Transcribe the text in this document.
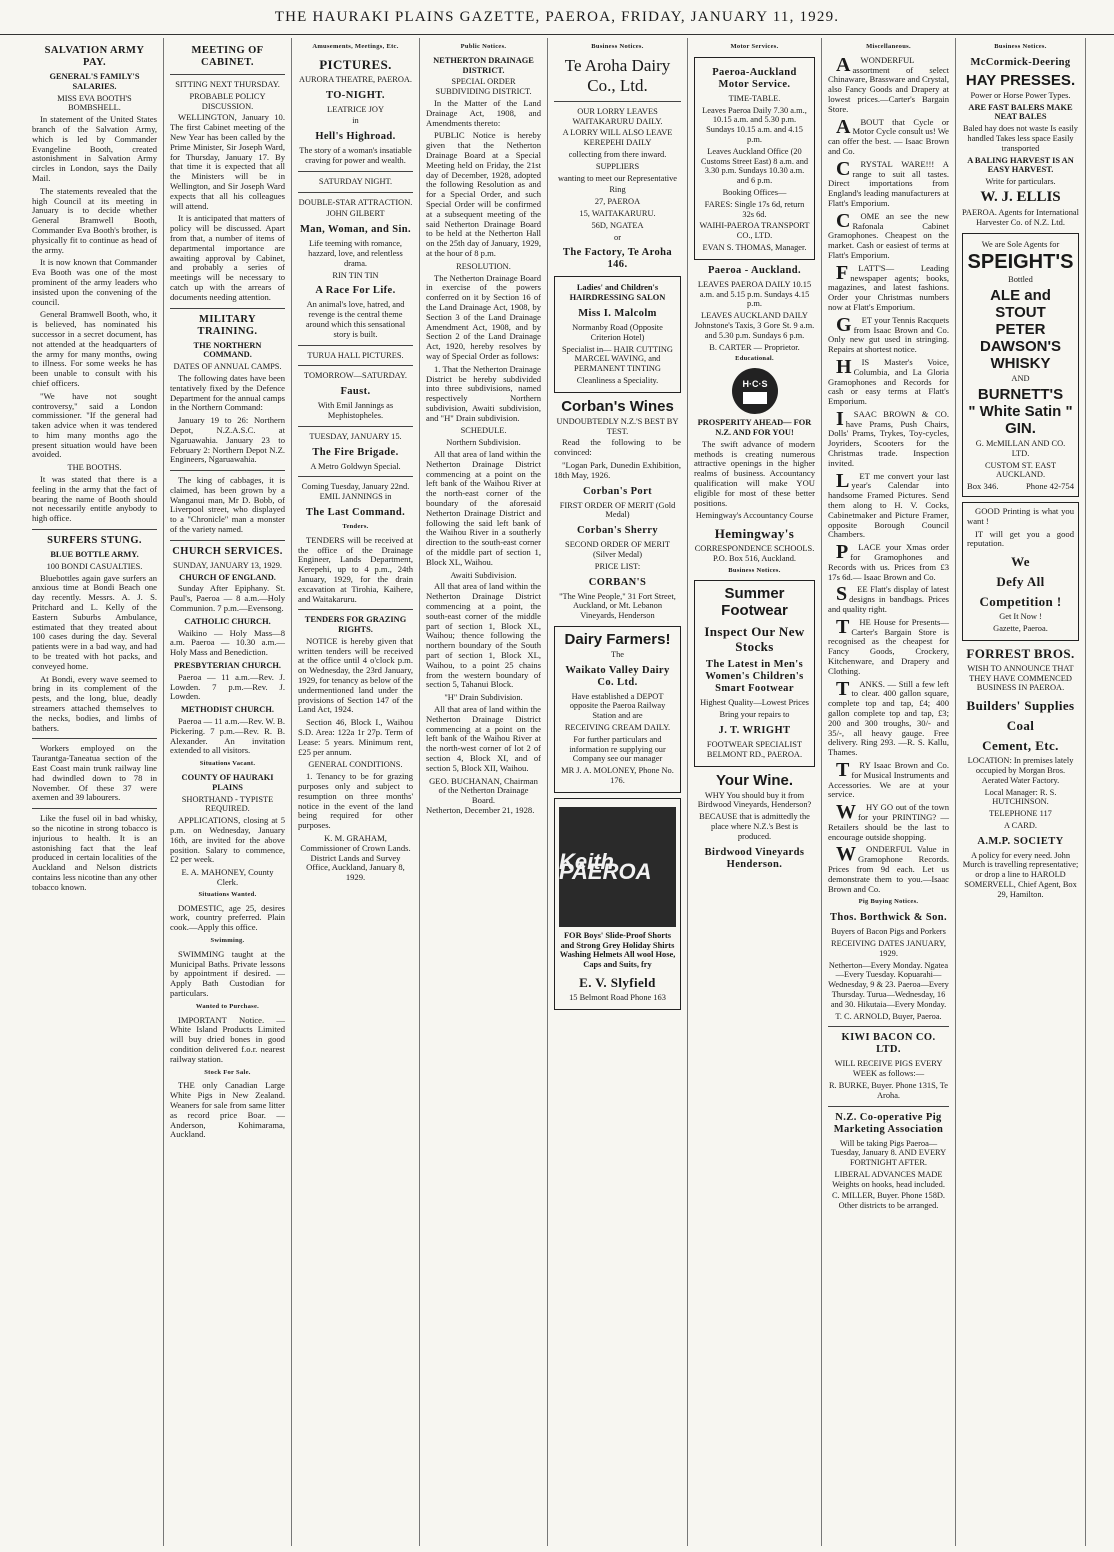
THE HAURAKI PLAINS GAZETTE, PAEROA, FRIDAY, JANUARY 11, 1929.
SALVATION ARMY PAY.
GENERAL'S FAMILY'S SALARIES.
MISS EVA BOOTH'S BOMBSHELL.

In statement of the United States branch of the Salvation Army, which is led by Commander Evangeline Booth, created astonishment in Salvation Army circles in London, says the Daily Mail.

The statements revealed that the high Council at its meeting in January is to decide whether General Bramwell Booth, Commander Eva Booth's brother, is physically fit to continue as head of the army.

It is now known that Commander Eva Booth was one of the most prominent of the army leaders who insisted upon the convening of the council.

General Bramwell Booth, who, it is believed, has nominated his successor in a secret document, has not attended at the headquarters of the army for many months, owing to illness. For some weeks he has been unable to consult with his chief officers.

"We have not sought controversy," said a London commissioner. "If the general had taken advice when it was tendered to him many months ago the present situation would have been avoided.

THE BOOTHS.

It was stated that there is a feeling in the army that the fact of bearing the name of Booth should not necessarily entitle anybody to high office.

SURFERS STUNG.
BLUE BOTTLE ARMY.
100 BONDI CASUALTIES.

Bluebottles again gave surfers an anxious time at Bondi Beach one day recently. Messrs. A. J. S. Pritchard and L. Kelly of the Eastern Suburbs Ambulance, estimated that they treated about 100 cases during the day. Several patients were in a bad way, and had to be treated with hot packs, and conveyed home.

At Bondi, every wave seemed to bring in its complement of the pests, and the long, blue, deadly streamers attached themselves to the necks, bodies, and limbs of bathers.

Workers employed on the Taurantga-Taneatua section of the East Coast main trunk railway line had dwindled down to 78 in November. Of these 37 were axemen and 39 labourers.

Like the fusel oil in bad whisky, so the nicotine in strong tobacco is injurious to health. It is an astonishing fact that the leaf produced in certain localities of the Auckland and Nelson districts contains less nicotine than any other tobacco known.

MEETING OF CABINET.
SITTING NEXT THURSDAY.
PROBABLE POLICY DISCUSSION.

WELLINGTON, January 10. The first Cabinet meeting of the New Year has been called by the Prime Minister, Sir Joseph Ward, for Thursday, January 17. By that time it is expected that all the Ministers will be in Wellington, and Sir Joseph Ward expects that all his colleagues will attend.

It is anticipated that matters of policy will be discussed. Apart from that, a number of items of departmental importance are awaiting approval by Cabinet, and probably a series of meetings will be necessary to catch up with the arrears of documents needing attention.

MILITARY TRAINING.
THE NORTHERN COMMAND.
DATES OF ANNUAL CAMPS.

The following dates have been tentatively fixed by the Defence Department for the annual camps in the Northern Command:

January 19 to 26: Northern Depot, N.Z.A.S.C. at Ngaruawahia. January 23 to February 2: Northern Depot N.Z. Engineers, Ngaruawahia.

The king of cabbages, it is claimed, has been grown by a Wanganui man, Mr D. Bobb, of Liverpool street, who displayed to a "Chronicle" man a monster of the variety named.

CHURCH SERVICES.
SUNDAY, JANUARY 13, 1929.
CHURCH OF ENGLAND.

Sunday After Epiphany. St. Paul's, Paeroa — 8 a.m.—Holy Communion. 7 p.m.—Evensong.

CATHOLIC CHURCH.

Waikino — Holy Mass—8 a.m. Paeroa — 10.30 a.m.—Holy Mass and Benediction.

PRESBYTERIAN CHURCH.

Paeroa — 11 a.m.—Rev. J. Lowden. 7 p.m.—Rev. J. Lowden.

METHODIST CHURCH.

Paeroa — 11 a.m.—Rev. W. B. Pickering. 7 p.m.—Rev. R. B. Alexander. An invitation extended to all visitors.

Situations Vacant.
COUNTY OF HAURAKI PLAINS
SHORTHAND - TYPISTE REQUIRED.

APPLICATIONS, closing at 5 p.m. on Wednesday, January 16th, are invited for the above position. Salary to commence, £2 per week.

E. A. MAHONEY, County Clerk.
Situations Wanted.

DOMESTIC, age 25, desires work, country preferred. Plain cook.—Apply this office.

Swimming.

SWIMMING taught at the Municipal Baths. Private lessons by appointment if desired. —Apply Bath Custodian for particulars.

Wanted to Purchase.

IMPORTANT Notice. — White Island Products Limited will buy dried bones in good condition delivered f.o.r. nearest railway station.

Stock For Sale.

THE only Canadian Large White Pigs in New Zealand. Weaners for sale from same litter as record price Boar. — Anderson, Kohimarama, Auckland.

Amusements, Meetings, Etc.
PICTURES.
AURORA THEATRE, PAEROA.
TO-NIGHT.
LEATRICE JOY
in
Hell's Highroad.
The story of a woman's insatiable craving for power and wealth.
SATURDAY NIGHT.
DOUBLE-STAR ATTRACTION.
JOHN GILBERT
Man, Woman, and Sin.
Life teeming with romance, hazzard, love, and relentless drama.
RIN TIN TIN
A Race For Life.
An animal's love, hatred, and revenge is the central theme around which this sensational story is built.
TURUA HALL PICTURES.
TOMORROW—SATURDAY.
Faust.
With Emil Jannings as Mephistopheles.
TUESDAY, JANUARY 15.
The Fire Brigade.
A Metro Goldwyn Special.
Coming Tuesday, January 22nd. EMIL JANNINGS in
The Last Command.
Tenders.

TENDERS will be received at the office of the Drainage Engineer, Lands Department, Kerepehi, up to 4 p.m., 24th January, 1929, for the drain excavation at Tirohia, Kaihere, and Waitakaruru.

TENDERS FOR GRAZING RIGHTS.

NOTICE is hereby given that written tenders will be received at the office until 4 o'clock p.m. on Wednesday, the 23rd January, 1929, for tenancy as below of the undermentioned land under the provisions of Section 147 of the Land Act, 1924.

Section 46, Block I., Waihou S.D. Area: 122a 1r 27p. Term of Lease: 5 years. Minimum rent, £25 per annum.

GENERAL CONDITIONS.

1. Tenancy to be for grazing purposes only and subject to resumption on three months' notice in the event of the land being required for other purposes.

K. M. GRAHAM, Commissioner of Crown Lands. District Lands and Survey Office, Auckland, January 8, 1929.
Public Notices.
NETHERTON DRAINAGE DISTRICT.
SPECIAL ORDER SUBDIVIDING DISTRICT.

In the Matter of the Land Drainage Act, 1908, and Amendments thereto:

PUBLIC Notice is hereby given that the Netherton Drainage Board at a Special Meeting held on Friday, the 21st day of December, 1928, adopted the following Resolution as and for a Special Order, and such Special Order will be confirmed at a subsequent meeting of the said Netherton Drainage Board to be held at the Netherton Hall on the 25th day of January, 1929, at the hour of 8 p.m.

RESOLUTION.

The Netherton Drainage Board in exercise of the powers conferred on it by Section 16 of the Land Drainage Act, 1908, by Section 3 of the Land Drainage Amendment Act, 1908, and by Section 2 of the Land Drainage Act, 1920, hereby resolves by way of Special Order as follows:

1. That the Netherton Drainage District be hereby subdivided into three subdivisions, named respectively Northern subdivision, Awaiti subdivision, and "H" Drain subdivision.

SCHEDULE.
Northern Subdivision.

All that area of land within the Netherton Drainage District commencing at a point on the left bank of the Waihou River at the north-east corner of the boundary of the aforesaid Netherton Drainage District and following the said left bank of the Waihou River in a southerly direction to the south-east corner of the middle part of section 1, Block XL, Waihou.

Awaiti Subdivision.

All that area of land within the Netherton Drainage District commencing at a point, the south-east corner of the middle part of section 1, Block XL, Waihou; thence following the northern boundary of the South part of section 1, Block XL, Waihou, to a point 25 chains from the western boundary of section 5, Tahanui Block.

"H" Drain Subdivision.

All that area of land within the Netherton Drainage District commencing at a point on the left bank of the Waihou River at the north-west corner of lot 2 of section 4, Block XI, and of section 5, Block XII, Waihou.

GEO. BUCHANAN, Chairman of the Netherton Drainage Board.
Netherton, December 21, 1928.
Business Notices.
Te Aroha Dairy Co., Ltd.
OUR LORRY LEAVES WAITAKARURU DAILY.
A LORRY WILL ALSO LEAVE KEREPEHI DAILY
collecting from there inward.
SUPPLIERS
wanting to meet our Representative
Ring
27, PAEROA
15, WAITAKARURU.
56D, NGATEA
or
The Factory, Te Aroha 146.
Ladies' and Children's HAIRDRESSING SALON
Miss I. Malcolm
Normanby Road (Opposite Criterion Hotel)
Specialist in— HAIR CUTTING MARCEL WAVING, and PERMANENT TINTING
Cleanliness a Speciality.
Corban's Wines
UNDOUBTEDLY N.Z.'S BEST BY TEST.

Read the following to be convinced:

"Logan Park, Dunedin Exhibition, 18th May, 1926.

Corban's Port
FIRST ORDER OF MERIT (Gold Medal)
Corban's Sherry
SECOND ORDER OF MERIT (Silver Medal)
PRICE LIST:
CORBAN'S
"The Wine People," 31 Fort Street, Auckland, or Mt. Lebanon Vineyards, Henderson
Dairy Farmers!
The
Waikato Valley Dairy Co. Ltd.
Have established a DEPOT opposite the Paeroa Railway Station and are
RECEIVING CREAM DAILY.
For further particulars and information re supplying our Company see our manager
MR J. A. MOLONEY, Phone No. 176.
Keith PAEROA
FOR Boys' Slide-Proof Shorts and Strong Grey Holiday Shirts Washing Helmets All wool Hose, Caps and Suits, fry
E. V. Slyfield
15 Belmont Road Phone 163
Motor Services.
Paeroa-Auckland Motor Service.
TIME-TABLE.
Leaves Paeroa Daily 7.30 a.m., 10.15 a.m. and 5.30 p.m. Sundays 10.15 a.m. and 4.15 p.m.
Leaves Auckland Office (20 Customs Street East) 8 a.m. and 3.30 p.m. Sundays 10.30 a.m. and 6 p.m.
Booking Offices—
FARES: Single 17s 6d, return 32s 6d.
WAIHI-PAEROA TRANSPORT CO., LTD.
EVAN S. THOMAS, Manager.
Paeroa - Auckland.
LEAVES PAEROA DAILY 10.15 a.m. and 5.15 p.m. Sundays 4.15 p.m.
LEAVES AUCKLAND DAILY Johnstone's Taxis, 3 Gore St. 9 a.m. and 5.30 p.m. Sundays 6 p.m.
B. CARTER — Proprietor.
Educational.
H·C·S
PROSPERITY AHEAD— FOR N.Z. AND FOR YOU!

The swift advance of modern methods is creating numerous attractive openings in the higher realms of business. Accountancy qualification will make YOU eligible for most of these better positions.

Hemingway's Accountancy Course
Hemingway's
CORRESPONDENCE SCHOOLS. P.O. Box 516, Auckland.
Business Notices.
Summer Footwear
Inspect Our New Stocks
The Latest in Men's Women's Children's Smart Footwear
Highest Quality—Lowest Prices
Bring your repairs to
J. T. WRIGHT
FOOTWEAR SPECIALIST BELMONT RD., PAEROA.
Your Wine.
WHY You should buy it from Birdwood Vineyards, Henderson?
BECAUSE that is admittedly the place where N.Z.'s Best is produced.
Birdwood Vineyards Henderson.
Miscellaneous.

AWONDERFUL assortment of select Chinaware, Brassware and Crystal, also Fancy Goods and Drapery at lowest prices.—Carter's Bargain Store.

ABOUT that Cycle or Motor Cycle consult us! We can offer the best. — Isaac Brown and Co.

CRYSTAL WARE!!! A range to suit all tastes. Direct importations from England's leading manufacturers at Flatt's Emporium.

COME an see the new Rafonala Cabinet Gramophones. Cheapest on the market. Cash or easiest of terms at Flatt's Emporium.

FLATT'S— Leading newspaper agents; books, magazines, and latest fashions. Order your Christmas numbers now at Flatt's Emporium.

GET your Tennis Racquets from Isaac Brown and Co. Only new gut used in stringing. Repairs at shortest notice.

HIS Master's Voice, Columbia, and La Gloria Gramophones and Records for cash or easy terms at Flatt's Emporium.

ISAAC BROWN & CO. have Prams, Push Chairs, Dolls' Prams, Trykes, Toy-cycles, Joyriders, Scooters for the Christmas trade. Inspection invited.

LET me convert your last year's Calendar into handsome Framed Pictures. Send them along to H. V. Cocks, Cabinetmaker and Picture Framer, opposite Borough Council Chambers.

PLACE your Xmas order for Gramophones and Records with us. Prices from £3 17s 6d.— Isaac Brown and Co.

SEE Flatt's display of latest designs in bandbags. Prices and quality right.

THE House for Presents—Carter's Bargain Store is recognised as the cheapest for Fancy Goods, Crockery, Kitchenware, and Drapery and Clothing.

TANKS. — Still a few left to clear. 400 gallon square, complete top and tap, £4; 400 gallon complete top and tap, £3; 200 and 300 troughs, 30/- and 35/-, all heavy gauge. Free delivery. Ring 293. —R. S. Kallu, Thames.

TRY Isaac Brown and Co. for Musical Instruments and Accessories. We are at your service.

WHY GO out of the town for your PRINTING? — Retailers should be the last to encourage outside shopping.

WONDERFUL Value in Gramophone Records. Prices from 9d each. Let us demonstrate them to you.—Isaac Brown and Co.

Pig Buying Notices.
Thos. Borthwick & Son.
Buyers of Bacon Pigs and Porkers
RECEIVING DATES JANUARY, 1929.
Netherton—Every Monday. Ngatea—Every Tuesday. Kopuarahi—Wednesday, 9 & 23. Paeroa—Every Thursday. Turua—Wednesday, 16 and 30. Hikutaia—Every Monday.
T. C. ARNOLD, Buyer, Paeroa.
KIWI BACON CO. LTD.
WILL RECEIVE PIGS EVERY WEEK as follows:—
R. BURKE, Buyer. Phone 131S, Te Aroha.
N.Z. Co-operative Pig Marketing Association
Will be taking Pigs Paeroa—Tuesday, January 8. AND EVERY FORTNIGHT AFTER.
LIBERAL ADVANCES MADE Weights on hooks, head included.
C. MILLER, Buyer. Phone 158D. Other districts to be arranged.
Business Notices.
McCormick-Deering
HAY PRESSES.
Power or Horse Power Types.
ARE FAST BALERS MAKE NEAT BALES
Baled hay does not waste Is easily handled Takes less space Easily transported
A BALING HARVEST IS AN EASY HARVEST.
Write for particulars.
W. J. ELLIS
PAEROA. Agents for International Harvester Co. of N.Z. Ltd.
We are Sole Agents for
SPEIGHT'S
Bottled
ALE and STOUT
PETER DAWSON'S
WHISKY
AND
BURNETT'S
" White Satin "
GIN.
G. McMILLAN AND CO. LTD.
CUSTOM ST. EAST AUCKLAND.
Box 346.	Phone 42-754

GOOD Printing is what you want !

IT will get you a good reputation.

We
Defy All
Competition !
Get It Now !
Gazette, Paeroa.
FORREST BROS.
WISH TO ANNOUNCE THAT THEY HAVE COMMENCED BUSINESS IN PAEROA.
Builders' Supplies
Coal
Cement, Etc.
LOCATION: In premises lately occupied by Morgan Bros. Aerated Water Factory.
Local Manager: R. S. HUTCHINSON.
TELEPHONE 117
A CARD.
A.M.P. SOCIETY
A policy for every need. John Murch is travelling representative; or drop a line to HAROLD SOMERVELL, Chief Agent, Box 29, Hamilton.
